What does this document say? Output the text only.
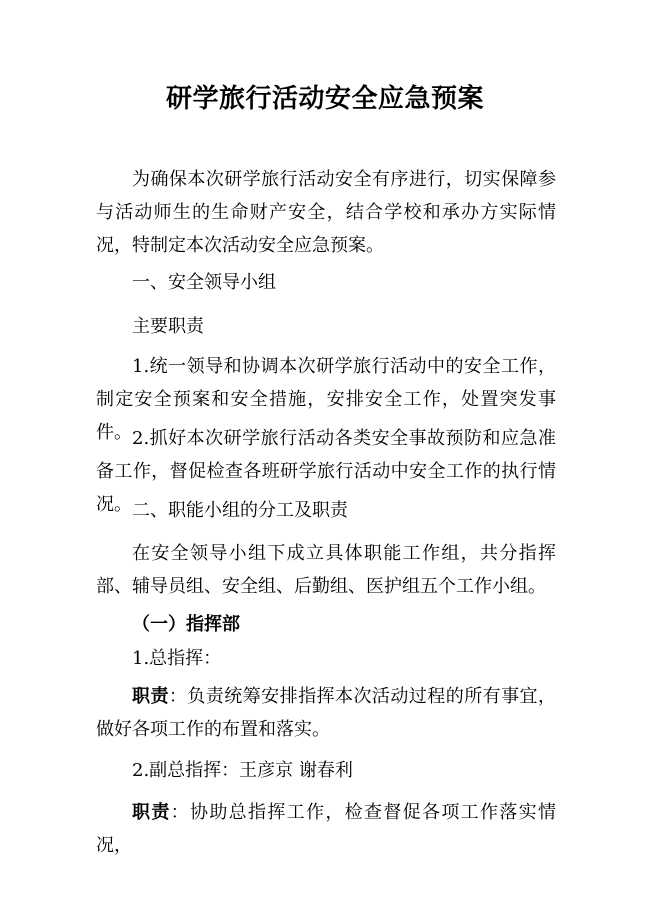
研学旅行活动安全应急预案
为确保本次研学旅行活动安全有序进行，切实保障参与活动师生的生命财产安全，结合学校和承办方实际情况，特制定本次活动安全应急预案。
一、安全领导小组
主要职责
1.统一领导和协调本次研学旅行活动中的安全工作，制定安全预案和安全措施，安排安全工作，处置突发事件。 2.抓好本次研学旅行活动各类安全事故预防和应急准备工作，督促检查各班研学旅行活动中安全工作的执行情况。 二、职能小组的分工及职责
在安全领导小组下成立具体职能工作组，共分指挥部、辅导员组、安全组、后勤组、医护组五个工作小组。
（一）指挥部
1.总指挥：
职责：负责统筹安排指挥本次活动过程的所有事宜，做好各项工作的布置和落实。
2.副总指挥：王彦京 谢春利
职责：协助总指挥工作，检查督促各项工作落实情况，
